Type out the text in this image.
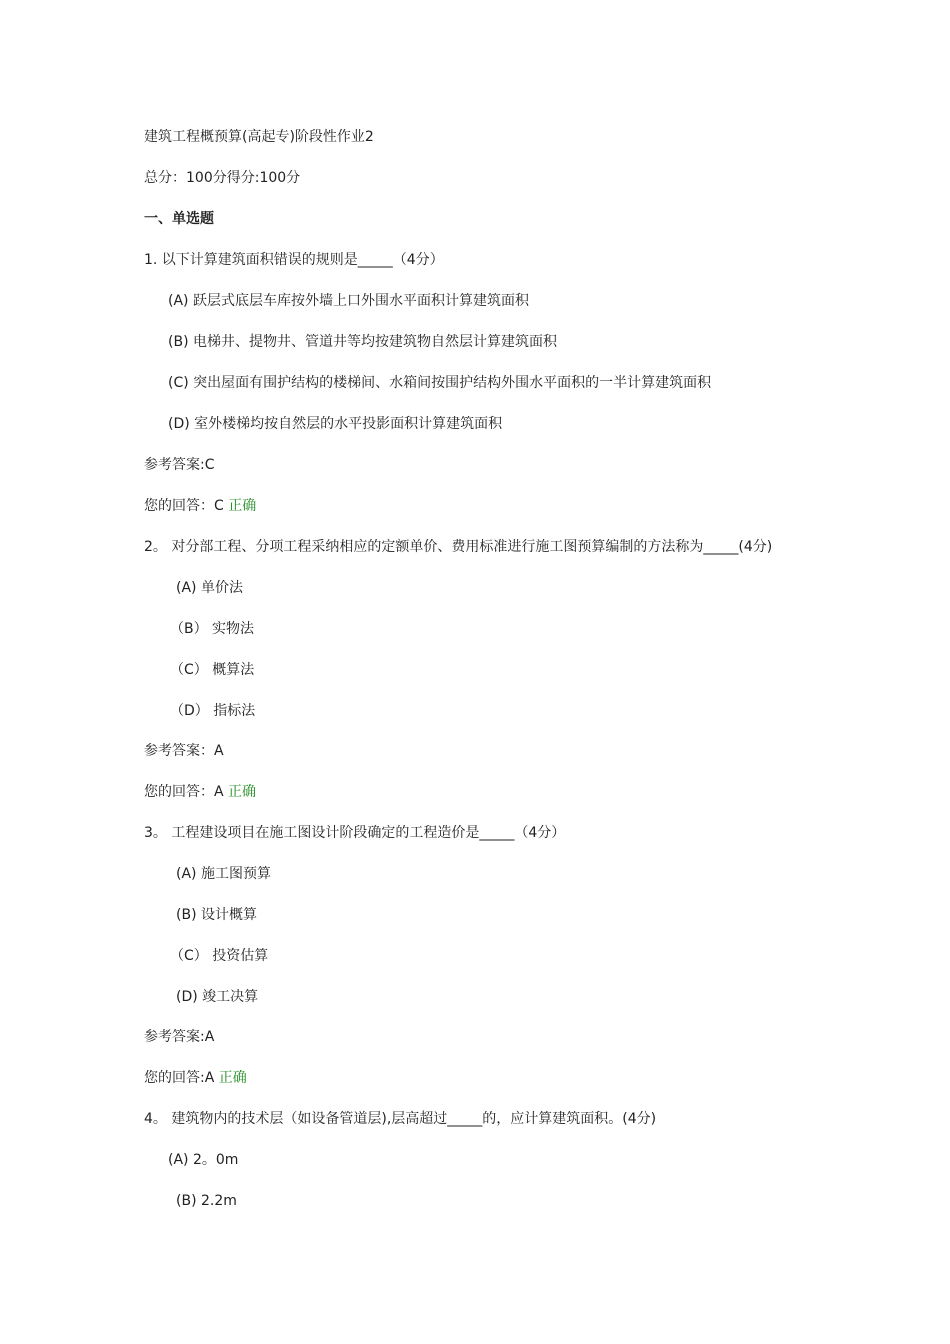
建筑工程概预算(高起专)阶段性作业2
总分：100分得分:100分
一、单选题
1. 以下计算建筑面积错误的规则是_____（4分）
(A) 跃层式底层车库按外墙上口外围水平面积计算建筑面积
(B) 电梯井、提物井、管道井等均按建筑物自然层计算建筑面积
(C) 突出屋面有围护结构的楼梯间、水箱间按围护结构外围水平面积的一半计算建筑面积
(D) 室外楼梯均按自然层的水平投影面积计算建筑面积
参考答案:C
您的回答：C 正确
2。 对分部工程、分项工程采纳相应的定额单价、费用标准进行施工图预算编制的方法称为_____(4分)
(A) 单价法
（B） 实物法
（C） 概算法
（D） 指标法
参考答案：A
您的回答：A 正确
3。 工程建设项目在施工图设计阶段确定的工程造价是_____（4分）
(A) 施工图预算
(B) 设计概算
（C） 投资估算
(D) 竣工决算
参考答案:A
您的回答:A 正确
4。 建筑物内的技术层（如设备管道层),层高超过_____的，应计算建筑面积。(4分)
(A) 2。0m
(B) 2.2m
